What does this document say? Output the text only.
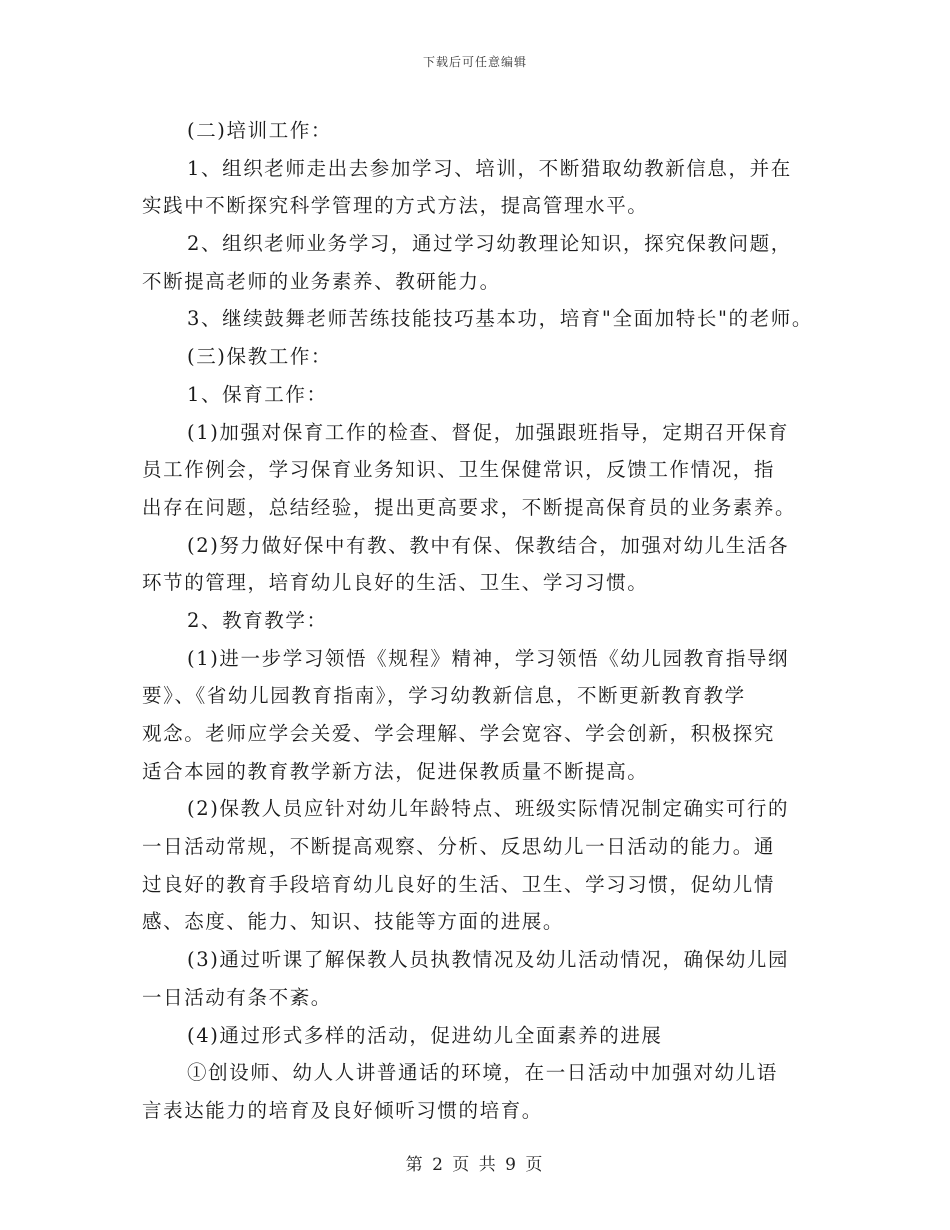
下载后可任意编辑
(二)培训工作：
1、组织老师走出去参加学习、培训，不断猎取幼教新信息，并在
实践中不断探究科学管理的方式方法，提高管理水平。
2、组织老师业务学习，通过学习幼教理论知识，探究保教问题，
不断提高老师的业务素养、教研能力。
3、继续鼓舞老师苦练技能技巧基本功，培育"全面加特长"的老师。
(三)保教工作：
1、保育工作：
(1)加强对保育工作的检查、督促，加强跟班指导，定期召开保育
员工作例会，学习保育业务知识、卫生保健常识，反馈工作情况，指
出存在问题，总结经验，提出更高要求，不断提高保育员的业务素养。
(2)努力做好保中有教、教中有保、保教结合，加强对幼儿生活各
环节的管理，培育幼儿良好的生活、卫生、学习习惯。
2、教育教学：
(1)进一步学习领悟《规程》精神，学习领悟《幼儿园教育指导纲
要》、《省幼儿园教育指南》，学习幼教新信息，不断更新教育教学
观念。老师应学会关爱、学会理解、学会宽容、学会创新，积极探究
适合本园的教育教学新方法，促进保教质量不断提高。
(2)保教人员应针对幼儿年龄特点、班级实际情况制定确实可行的
一日活动常规，不断提高观察、分析、反思幼儿一日活动的能力。通
过良好的教育手段培育幼儿良好的生活、卫生、学习习惯，促幼儿情
感、态度、能力、知识、技能等方面的进展。
(3)通过听课了解保教人员执教情况及幼儿活动情况，确保幼儿园
一日活动有条不紊。
(4)通过形式多样的活动，促进幼儿全面素养的进展
①创设师、幼人人讲普通话的环境，在一日活动中加强对幼儿语
言表达能力的培育及良好倾听习惯的培育。
第 2 页 共 9 页
